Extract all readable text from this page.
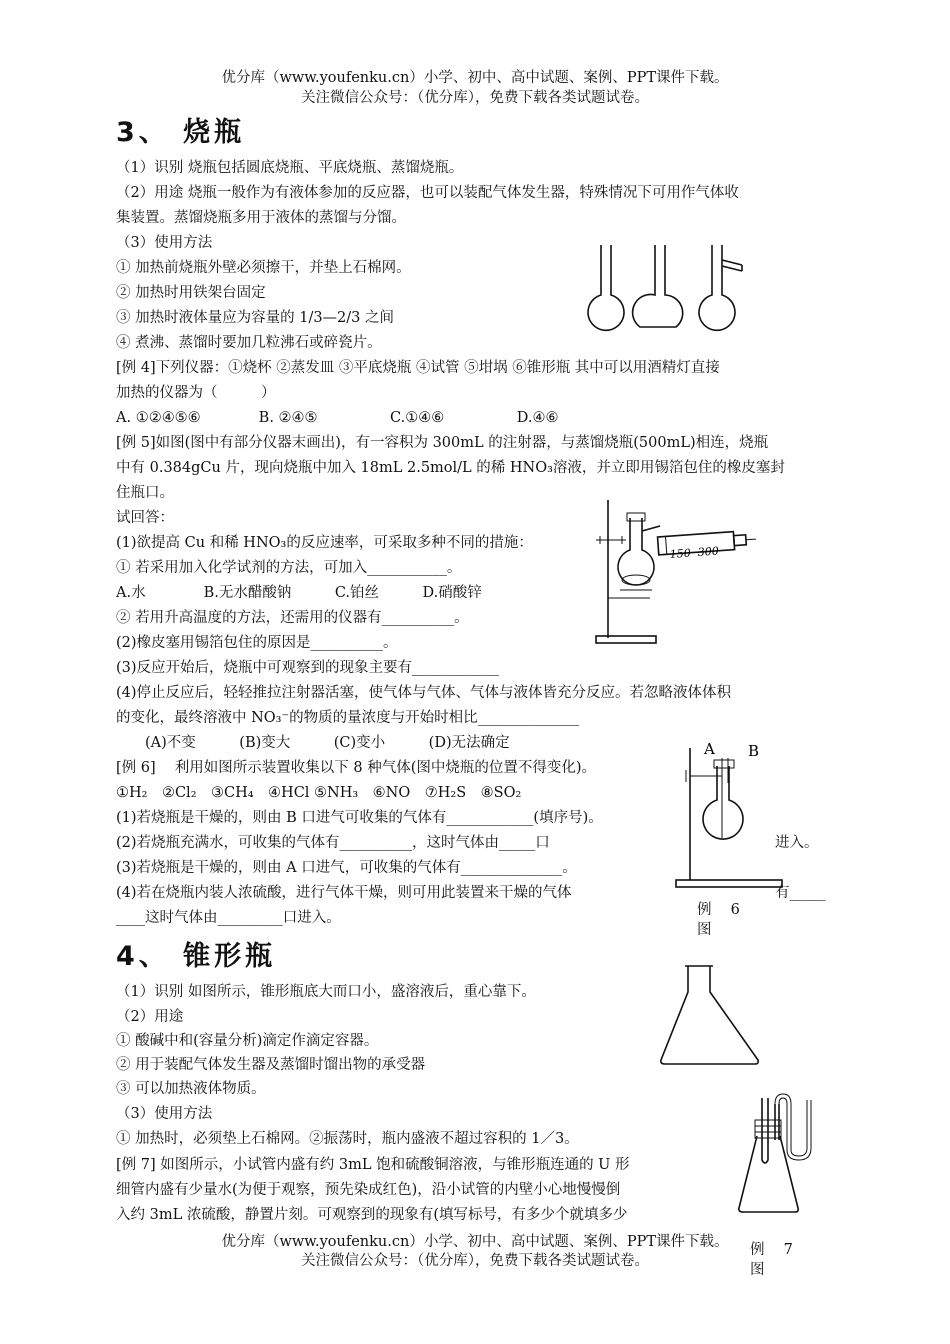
优分库（www.youfenku.cn）小学、初中、高中试题、案例、PPT课件下载。
关注微信公众号：（优分库），免费下载各类试题试卷。
3、 烧瓶
（1）识别 烧瓶包括圆底烧瓶、平底烧瓶、蒸馏烧瓶。
（2）用途 烧瓶一般作为有液体参加的反应器，也可以装配气体发生器，特殊情况下可用作气体收
集装置。蒸馏烧瓶多用于液体的蒸馏与分馏。
（3）使用方法
① 加热前烧瓶外壁必须擦干，并垫上石棉网。
② 加热时用铁架台固定
③ 加热时液体量应为容量的 1/3—2/3 之间
④ 煮沸、蒸馏时要加几粒沸石或碎瓷片。
[例 4]下列仪器：①烧杯 ②蒸发皿 ③平底烧瓶 ④试管 ⑤坩埚 ⑥锥形瓶 其中可以用酒精灯直接
加热的仪器为（　　　）
A. ①②④⑤⑥　　　　B. ②④⑤　　　　　C.①④⑥　　　　　D.④⑥
[例 5]如图(图中有部分仪器末画出)，有一容积为 300mL 的注射器，与蒸馏烧瓶(500mL)相连，烧瓶
中有 0.384gCu 片，现向烧瓶中加入 18mL 2.5mol/L 的稀 HNO₃溶液，并立即用锡箔包住的橡皮塞封
住瓶口。
试回答：
(1)欲提高 Cu 和稀 HNO₃的反应速率，可采取多种不同的措施：
① 若采用加入化学试剂的方法，可加入___________。
A.水　　　　B.无水醋酸钠　　　C.铂丝　　　D.硝酸锌
② 若用升高温度的方法，还需用的仪器有__________。
(2)橡皮塞用锡箔包住的原因是__________。
(3)反应开始后，烧瓶中可观察到的现象主要有____________
(4)停止反应后，轻轻推拉注射器活塞，使气体与气体、气体与液体皆充分反应。若忽略液体体积
的变化，最终溶液中 NO₃⁻的物质的量浓度与开始时相比______________
　　(A)不变　　　(B)变大　　　(C)变小　　　(D)无法确定
[例 6]　 利用如图所示装置收集以下 8 种气体(图中烧瓶的位置不得变化)。
①H₂　②Cl₂　③CH₄　④HCl ⑤NH₃　⑥NO　⑦H₂S　⑧SO₂
(1)若烧瓶是干燥的，则由 B 口进气可收集的气体有____________(填序号)。
(2)若烧瓶充满水，可收集的气体有__________，这时气体由_____口	进入。
(3)若烧瓶是干燥的，则由 A 口进气，可收集的气体有______________。
(4)若在烧瓶内装人浓硫酸，进行气体干燥，则可用此装置来干燥的气体	有_____
____这时气体由_________口进入。
150 300
A B
例　 6
图
4、 锥形瓶
（1）识别 如图所示，锥形瓶底大而口小，盛溶液后，重心靠下。
（2）用途
① 酸碱中和(容量分析)滴定作滴定容器。
② 用于装配气体发生器及蒸馏时馏出物的承受器
③ 可以加热液体物质。
（3）使用方法
① 加热时，必须垫上石棉网。②振荡时，瓶内盛液不超过容积的 1／3。
[例 7] 如图所示，小试管内盛有约 3mL 饱和硫酸铜溶液，与锥形瓶连通的 U 形
细管内盛有少量水(为便于观察，预先染成红色)，沿小试管的内壁小心地慢慢倒
入约 3mL 浓硫酸，静置片刻。可观察到的现象有(填写标号，有多少个就填多少
例　 7
图
优分库（www.youfenku.cn）小学、初中、高中试题、案例、PPT课件下载。
关注微信公众号：（优分库），免费下载各类试题试卷。
